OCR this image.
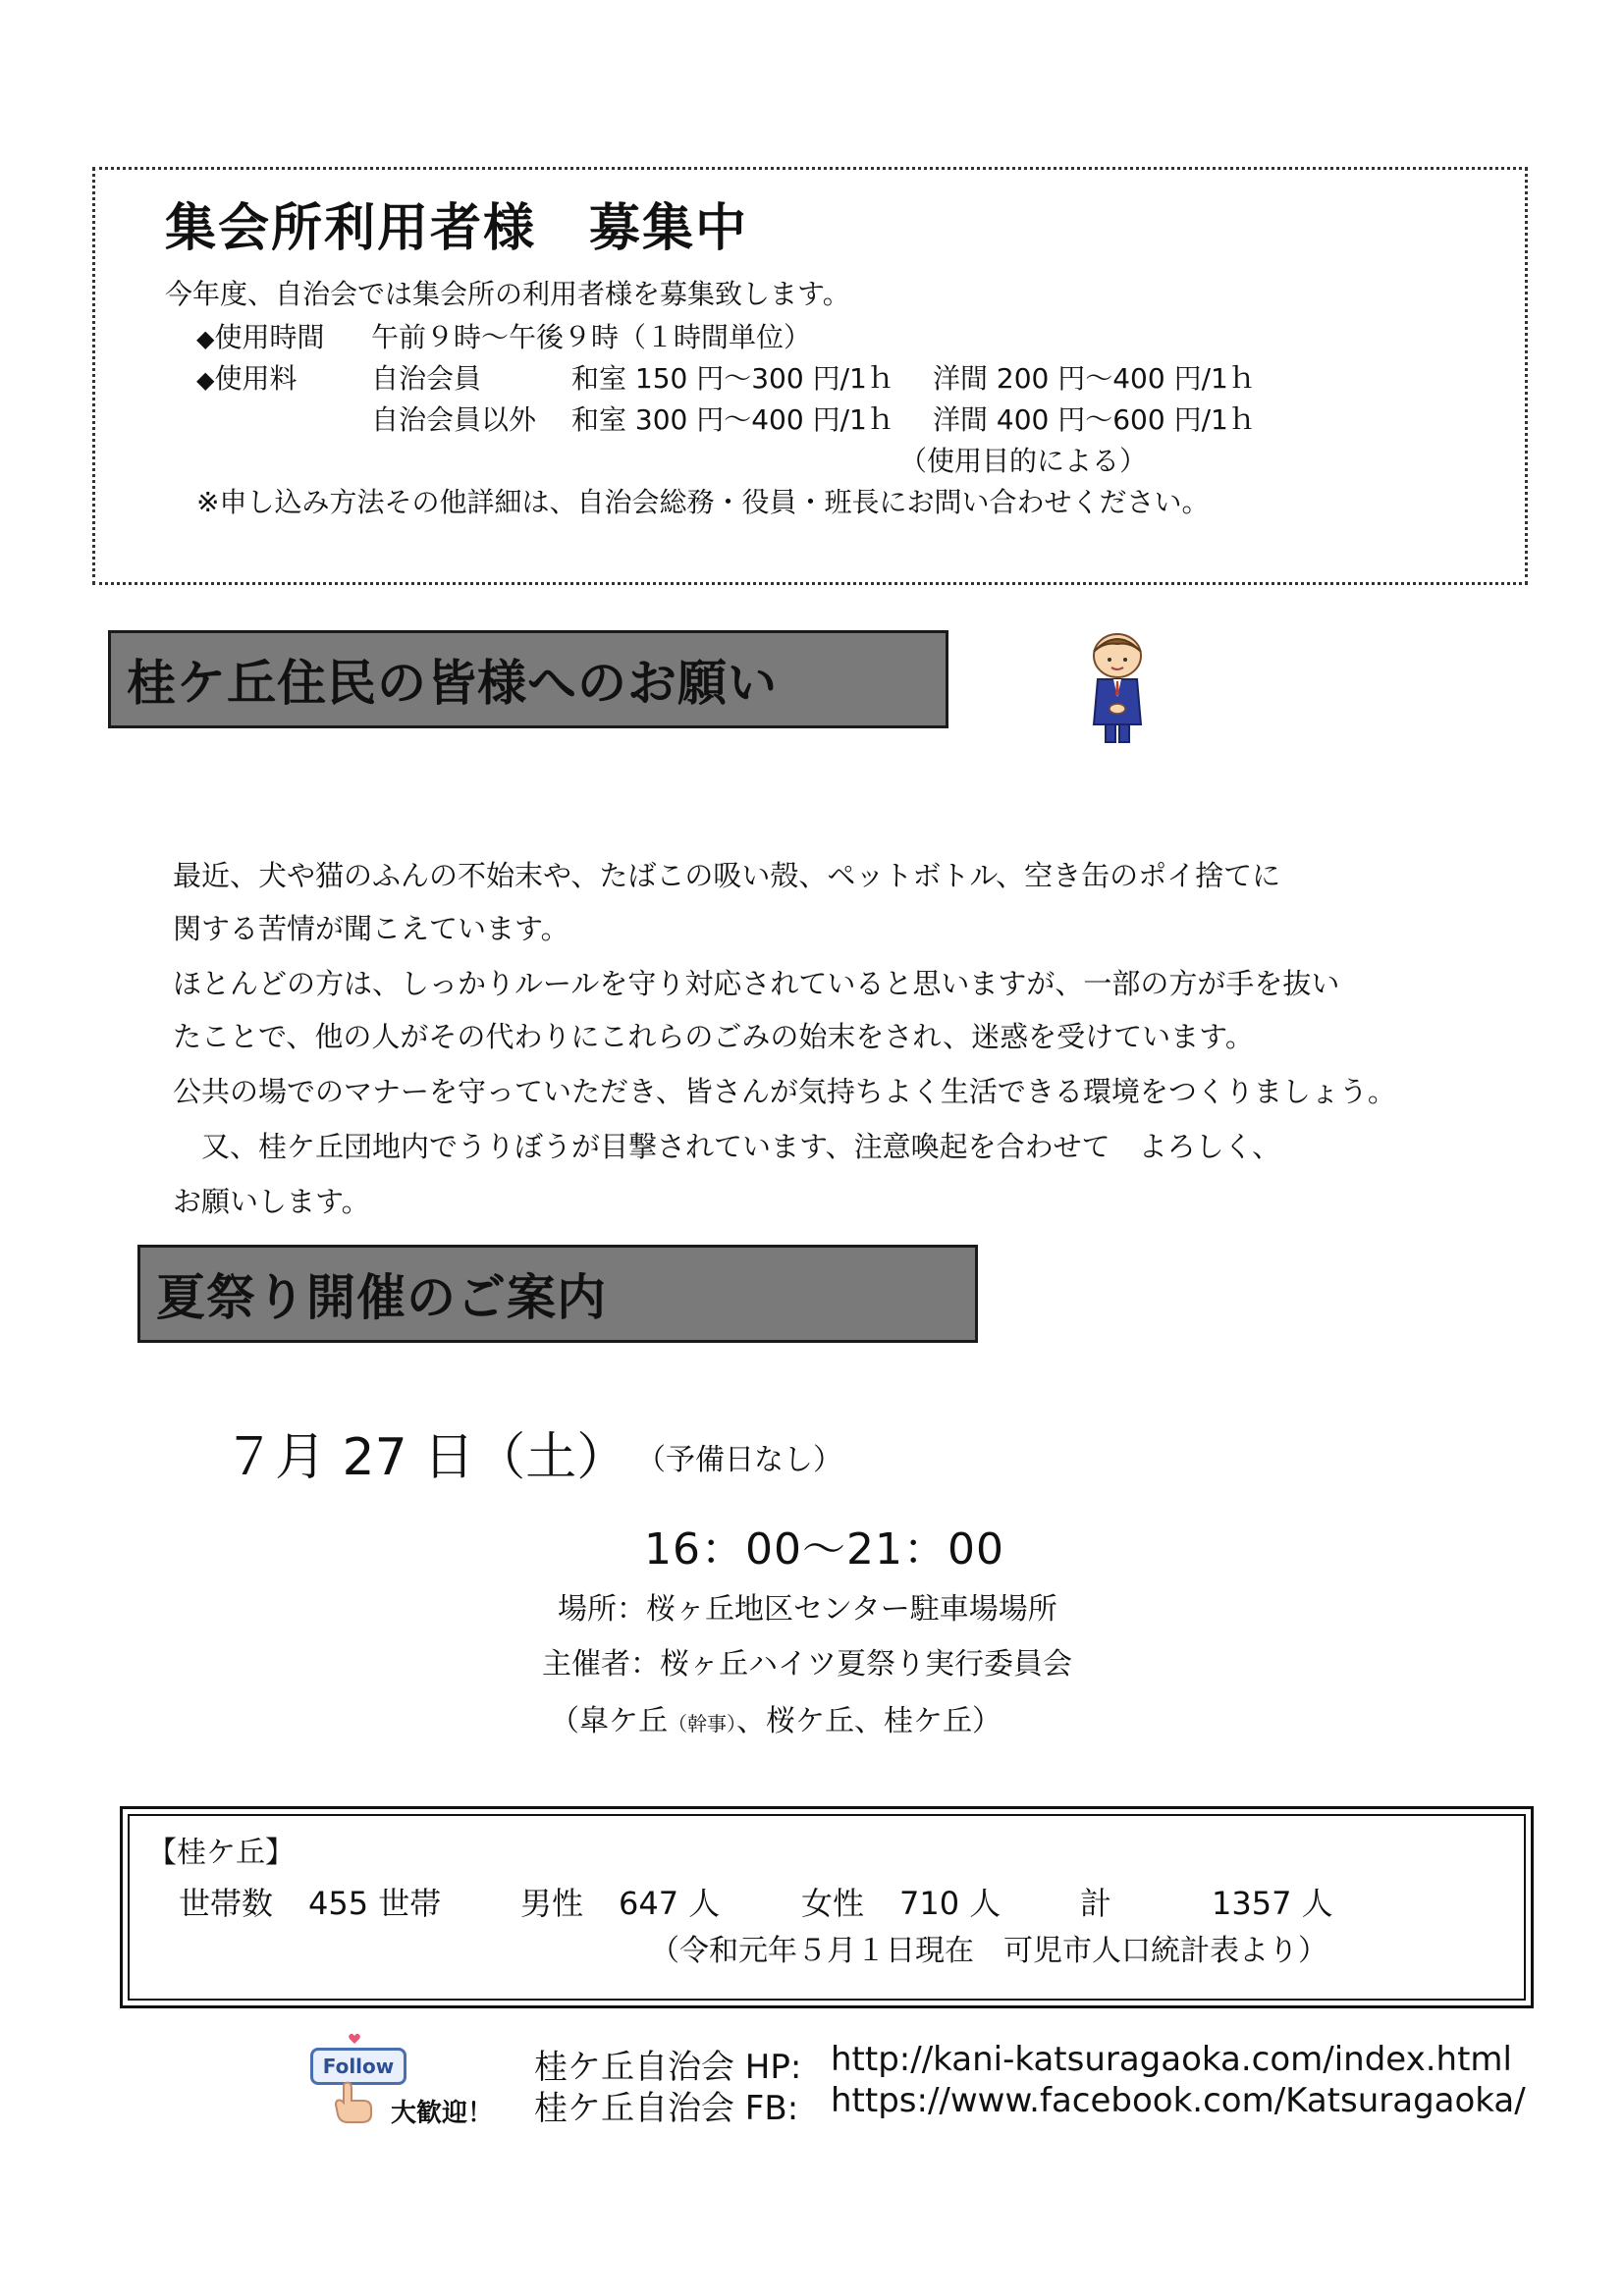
集会所利用者様　募集中
今年度、自治会では集会所の利用者様を募集致します。
◆使用時間 午前９時～午後９時（１時間単位）
◆使用料	自治会員	和室 150 円～300 円/1ｈ 洋間 200 円～400 円/1ｈ
自治会員以外 和室 300 円～400 円/1ｈ 洋間 400 円～600 円/1ｈ
（使用目的による）
※申し込み方法その他詳細は、自治会総務・役員・班長にお問い合わせください。
桂ケ丘住民の皆様へのお願い
最近、犬や猫のふんの不始末や、たばこの吸い殻、ペットボトル、空き缶のポイ捨てに
関する苦情が聞こえています。
ほとんどの方は、しっかりルールを守り対応されていると思いますが、一部の方が手を抜い
たことで、他の人がその代わりにこれらのごみの始末をされ、迷惑を受けています。
公共の場でのマナーを守っていただき、皆さんが気持ちよく生活できる環境をつくりましょう。
　又、桂ケ丘団地内でうりぼうが目撃されています、注意喚起を合わせて　よろしく、
お願いします。
夏祭り開催のご案内
７月 27 日（土） （予備日なし）
16：00～21：00
場所：桜ヶ丘地区センター駐車場場所
主催者：桜ヶ丘ハイツ夏祭り実行委員会
（皐ケ丘（幹事）、桜ケ丘、桂ケ丘）
【桂ケ丘】
世帯数 455 世帯	男性 647 人	女性 710 人	計	1357 人
（令和元年５月１日現在　可児市人口統計表より）
Follow
大歓迎！
桂ケ丘自治会 HP: http://kani-katsuragaoka.com/index.html
桂ケ丘自治会 FB: https://www.facebook.com/Katsuragaoka/
